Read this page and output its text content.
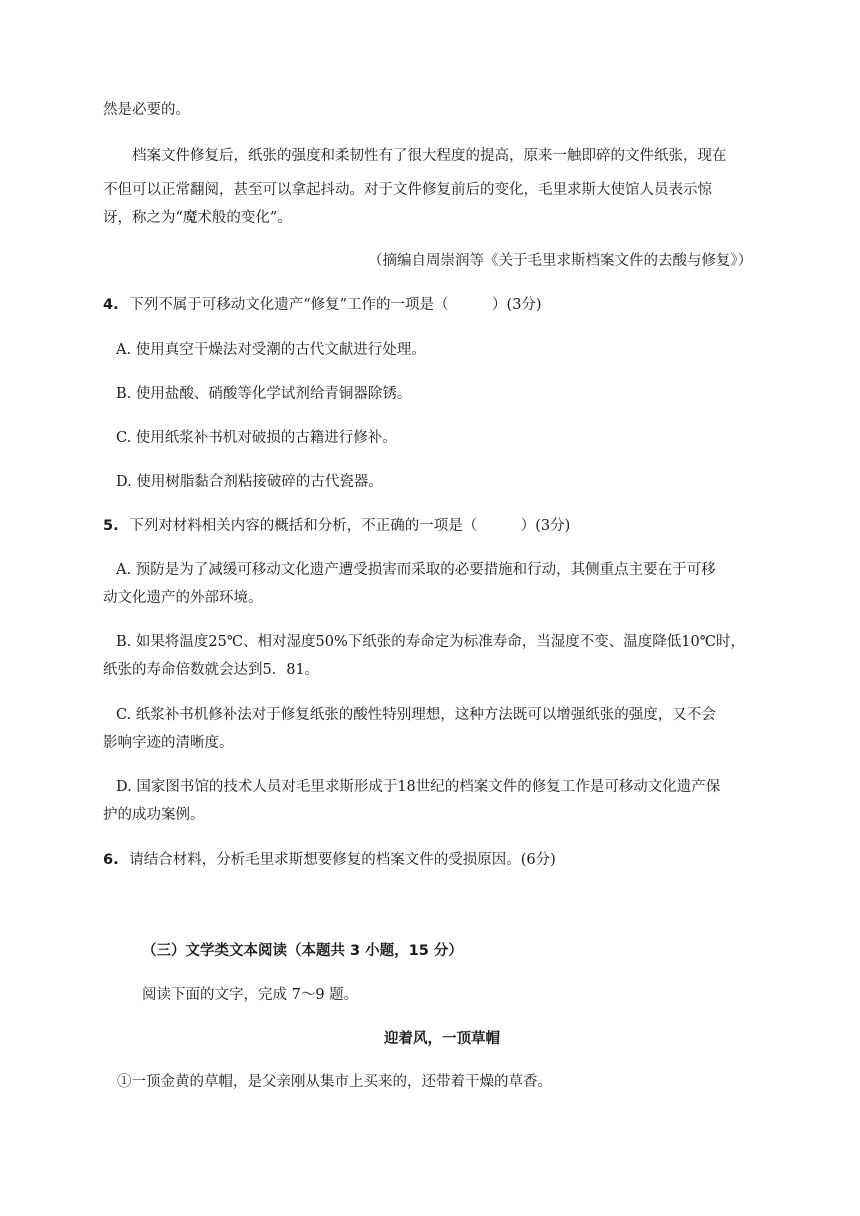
然是必要的。
档案文件修复后，纸张的强度和柔韧性有了很大程度的提高，原来一触即碎的文件纸张，现在
不但可以正常翻阅，甚至可以拿起抖动。对于文件修复前后的变化，毛里求斯大使馆人员表示惊
讶，称之为“魔术般的变化”。
（摘编自周崇润等《关于毛里求斯档案文件的去酸与修复》）
4. 下列不属于可移动文化遗产“修复”工作的一项是（　　　）(3分)
A. 使用真空干燥法对受潮的古代文献进行处理。
B. 使用盐酸、硝酸等化学试剂给青铜器除锈。
C. 使用纸浆补书机对破损的古籍进行修补。
D. 使用树脂黏合剂粘接破碎的古代瓷器。
5. 下列对材料相关内容的概括和分析，不正确的一项是（　　　）(3分)
A. 预防是为了减缓可移动文化遗产遭受损害而采取的必要措施和行动，其侧重点主要在于可移
动文化遗产的外部环境。
B. 如果将温度25℃、相对湿度50%下纸张的寿命定为标准寿命，当湿度不变、温度降低10℃时，
纸张的寿命倍数就会达到5．81。
C. 纸浆补书机修补法对于修复纸张的酸性特别理想，这种方法既可以增强纸张的强度，又不会
影响字迹的清晰度。
D. 国家图书馆的技术人员对毛里求斯形成于18世纪的档案文件的修复工作是可移动文化遗产保
护的成功案例。
6. 请结合材料，分析毛里求斯想要修复的档案文件的受损原因。(6分)
（三）文学类文本阅读（本题共 3 小题，15 分）
阅读下面的文字，完成 7～9 题。
迎着风，一顶草帽
①一顶金黄的草帽，是父亲刚从集市上买来的，还带着干燥的草香。
